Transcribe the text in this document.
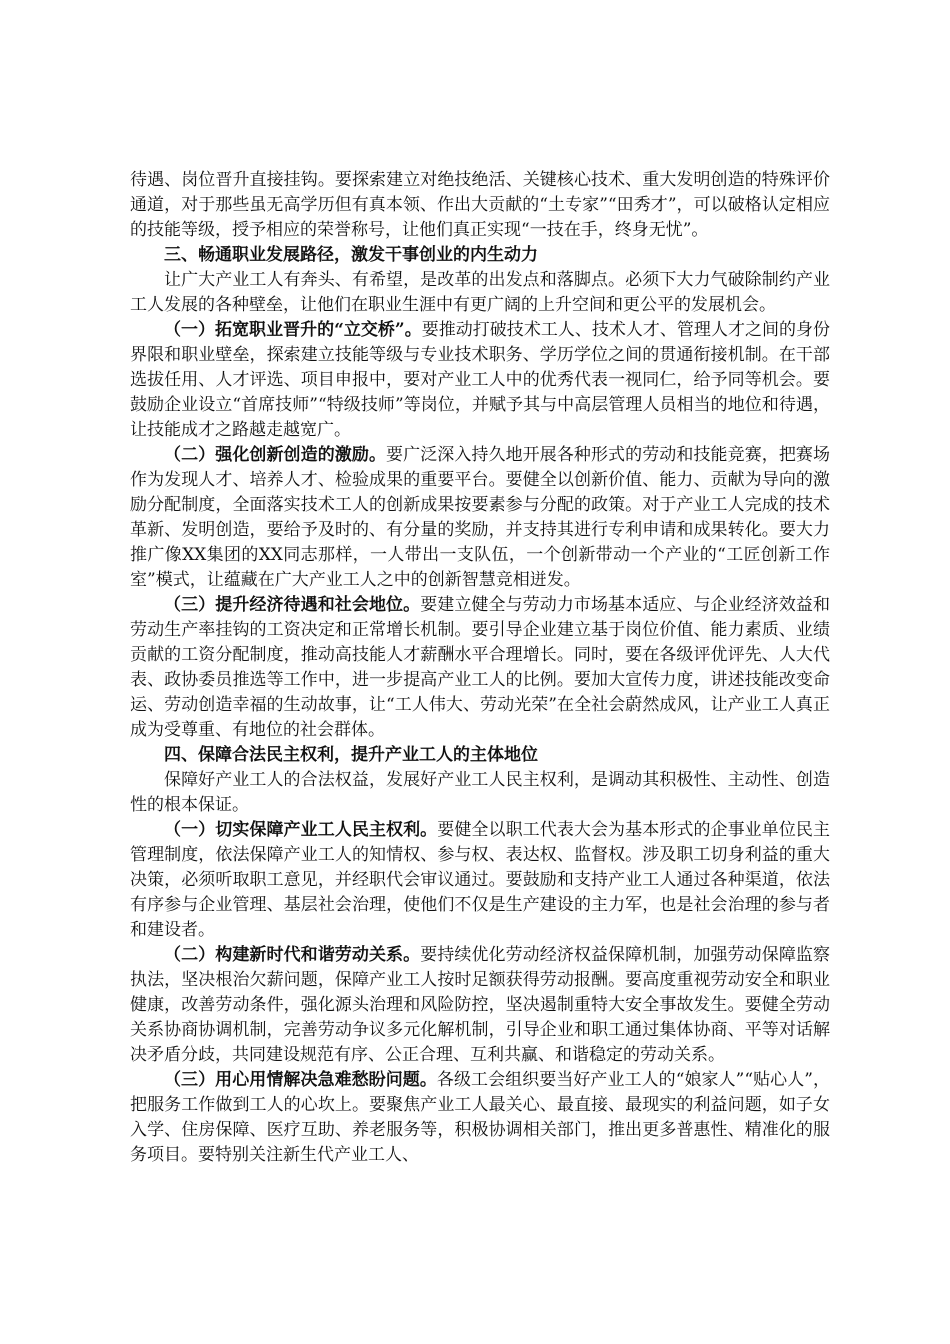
待遇、岗位晋升直接挂钩。要探索建立对绝技绝活、关键核心技术、重大发明创造的特殊评价通道，对于那些虽无高学历但有真本领、作出大贡献的“土专家”“田秀才”，可以破格认定相应的技能等级，授予相应的荣誉称号，让他们真正实现“一技在手，终身无忧”。

三、畅通职业发展路径，激发干事创业的内生动力

让广大产业工人有奔头、有希望，是改革的出发点和落脚点。必须下大力气破除制约产业工人发展的各种壁垒，让他们在职业生涯中有更广阔的上升空间和更公平的发展机会。

（一）拓宽职业晋升的“立交桥”。要推动打破技术工人、技术人才、管理人才之间的身份界限和职业壁垒，探索建立技能等级与专业技术职务、学历学位之间的贯通衔接机制。在干部选拔任用、人才评选、项目申报中，要对产业工人中的优秀代表一视同仁，给予同等机会。要鼓励企业设立“首席技师”“特级技师”等岗位，并赋予其与中高层管理人员相当的地位和待遇，让技能成才之路越走越宽广。

（二）强化创新创造的激励。要广泛深入持久地开展各种形式的劳动和技能竞赛，把赛场作为发现人才、培养人才、检验成果的重要平台。要健全以创新价值、能力、贡献为导向的激励分配制度，全面落实技术工人的创新成果按要素参与分配的政策。对于产业工人完成的技术革新、发明创造，要给予及时的、有分量的奖励，并支持其进行专利申请和成果转化。要大力推广像XX集团的XX同志那样，一人带出一支队伍，一个创新带动一个产业的“工匠创新工作室”模式，让蕴藏在广大产业工人之中的创新智慧竞相迸发。

（三）提升经济待遇和社会地位。要建立健全与劳动力市场基本适应、与企业经济效益和劳动生产率挂钩的工资决定和正常增长机制。要引导企业建立基于岗位价值、能力素质、业绩贡献的工资分配制度，推动高技能人才薪酬水平合理增长。同时，要在各级评优评先、人大代表、政协委员推选等工作中，进一步提高产业工人的比例。要加大宣传力度，讲述技能改变命运、劳动创造幸福的生动故事，让“工人伟大、劳动光荣”在全社会蔚然成风，让产业工人真正成为受尊重、有地位的社会群体。

四、保障合法民主权利，提升产业工人的主体地位

保障好产业工人的合法权益，发展好产业工人民主权利，是调动其积极性、主动性、创造性的根本保证。

（一）切实保障产业工人民主权利。要健全以职工代表大会为基本形式的企事业单位民主管理制度，依法保障产业工人的知情权、参与权、表达权、监督权。涉及职工切身利益的重大决策，必须听取职工意见，并经职代会审议通过。要鼓励和支持产业工人通过各种渠道，依法有序参与企业管理、基层社会治理，使他们不仅是生产建设的主力军，也是社会治理的参与者和建设者。

（二）构建新时代和谐劳动关系。要持续优化劳动经济权益保障机制，加强劳动保障监察执法，坚决根治欠薪问题，保障产业工人按时足额获得劳动报酬。要高度重视劳动安全和职业健康，改善劳动条件，强化源头治理和风险防控，坚决遏制重特大安全事故发生。要健全劳动关系协商协调机制，完善劳动争议多元化解机制，引导企业和职工通过集体协商、平等对话解决矛盾分歧，共同建设规范有序、公正合理、互利共赢、和谐稳定的劳动关系。

（三）用心用情解决急难愁盼问题。各级工会组织要当好产业工人的“娘家人”“贴心人”，把服务工作做到工人的心坎上。要聚焦产业工人最关心、最直接、最现实的利益问题，如子女入学、住房保障、医疗互助、养老服务等，积极协调相关部门，推出更多普惠性、精准化的服务项目。要特别关注新生代产业工人、
